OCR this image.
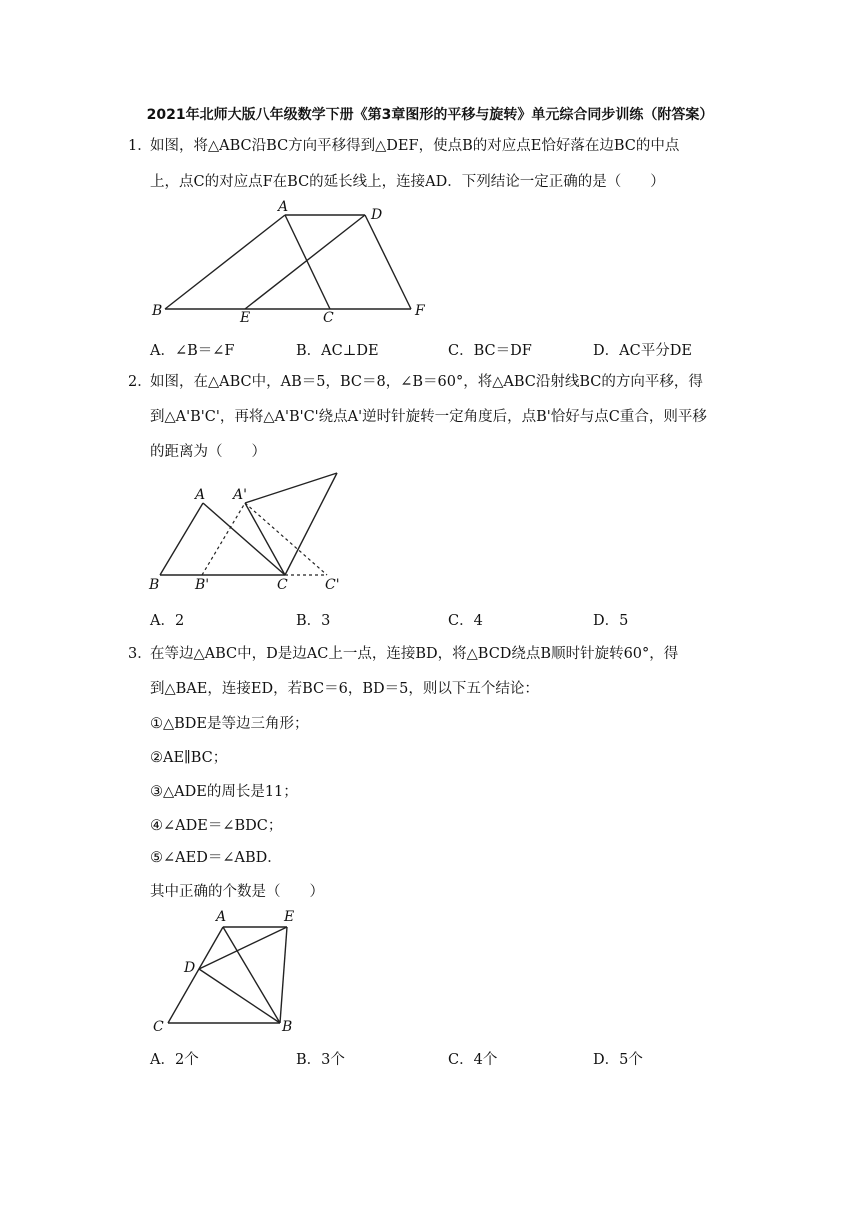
2021年北师大版八年级数学下册《第3章图形的平移与旋转》单元综合同步训练（附答案）
1．
如图，将△ABC沿BC方向平移得到△DEF，使点B的对应点E恰好落在边BC的中点
上，点C的对应点F在BC的延长线上，连接AD．下列结论一定正确的是（　　）
A	D
B	E	C	F
A．∠B＝∠F	B．AC⊥DE	C．BC＝DF	D．AC平分DE
2．
如图，在△ABC中，AB＝5，BC＝8，∠B＝60°，将△ABC沿射线BC的方向平移，得
到△A'B'C'，再将△A'B'C'绕点A'逆时针旋转一定角度后，点B'恰好与点C重合，则平移
的距离为（　　）
A A'
B	B'	C	C'
A．2	B．3	C．4	D．5
3．
在等边△ABC中，D是边AC上一点，连接BD，将△BCD绕点B顺时针旋转60°，得
到△BAE，连接ED，若BC＝6，BD＝5，则以下五个结论：
①△BDE是等边三角形；
②AE∥BC；
③△ADE的周长是11；
④∠ADE＝∠BDC；
⑤∠AED＝∠ABD．
其中正确的个数是（　　）
A	E
D
C	B
A．2个	B．3个	C．4个	D．5个
